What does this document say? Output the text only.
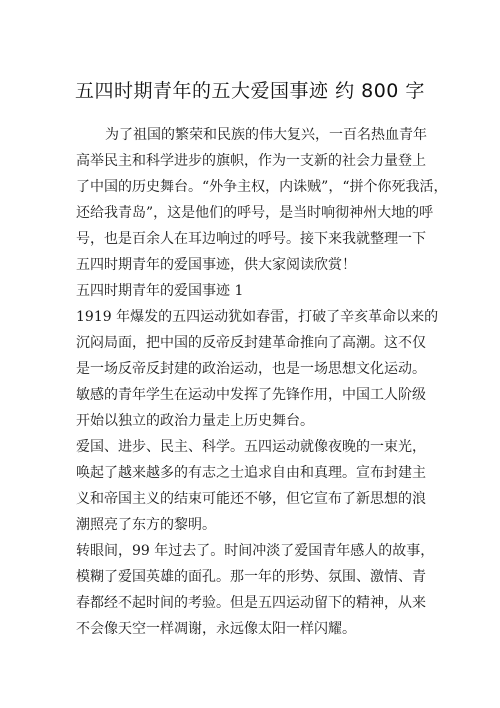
五四时期青年的五大爱国事迹 约 800 字

为了祖国的繁荣和民族的伟大复兴，一百名热血青年

高举民主和科学进步的旗帜，作为一支新的社会力量登上

了中国的历史舞台。“外争主权，内诛贼”，“拼个你死我活，

还给我青岛”，这是他们的呼号，是当时响彻神州大地的呼

号，也是百余人在耳边响过的呼号。接下来我就整理一下

五四时期青年的爱国事迹，供大家阅读欣赏！

五四时期青年的爱国事迹 1

1919 年爆发的五四运动犹如春雷，打破了辛亥革命以来的

沉闷局面，把中国的反帝反封建革命推向了高潮。这不仅

是一场反帝反封建的政治运动，也是一场思想文化运动。

敏感的青年学生在运动中发挥了先锋作用，中国工人阶级

开始以独立的政治力量走上历史舞台。

爱国、进步、民主、科学。五四运动就像夜晚的一束光，

唤起了越来越多的有志之士追求自由和真理。宣布封建主

义和帝国主义的结束可能还不够，但它宣布了新思想的浪

潮照亮了东方的黎明。

转眼间，99 年过去了。时间冲淡了爱国青年感人的故事，

模糊了爱国英雄的面孔。那一年的形势、氛围、激情、青

春都经不起时间的考验。但是五四运动留下的精神，从来

不会像天空一样凋谢，永远像太阳一样闪耀。
